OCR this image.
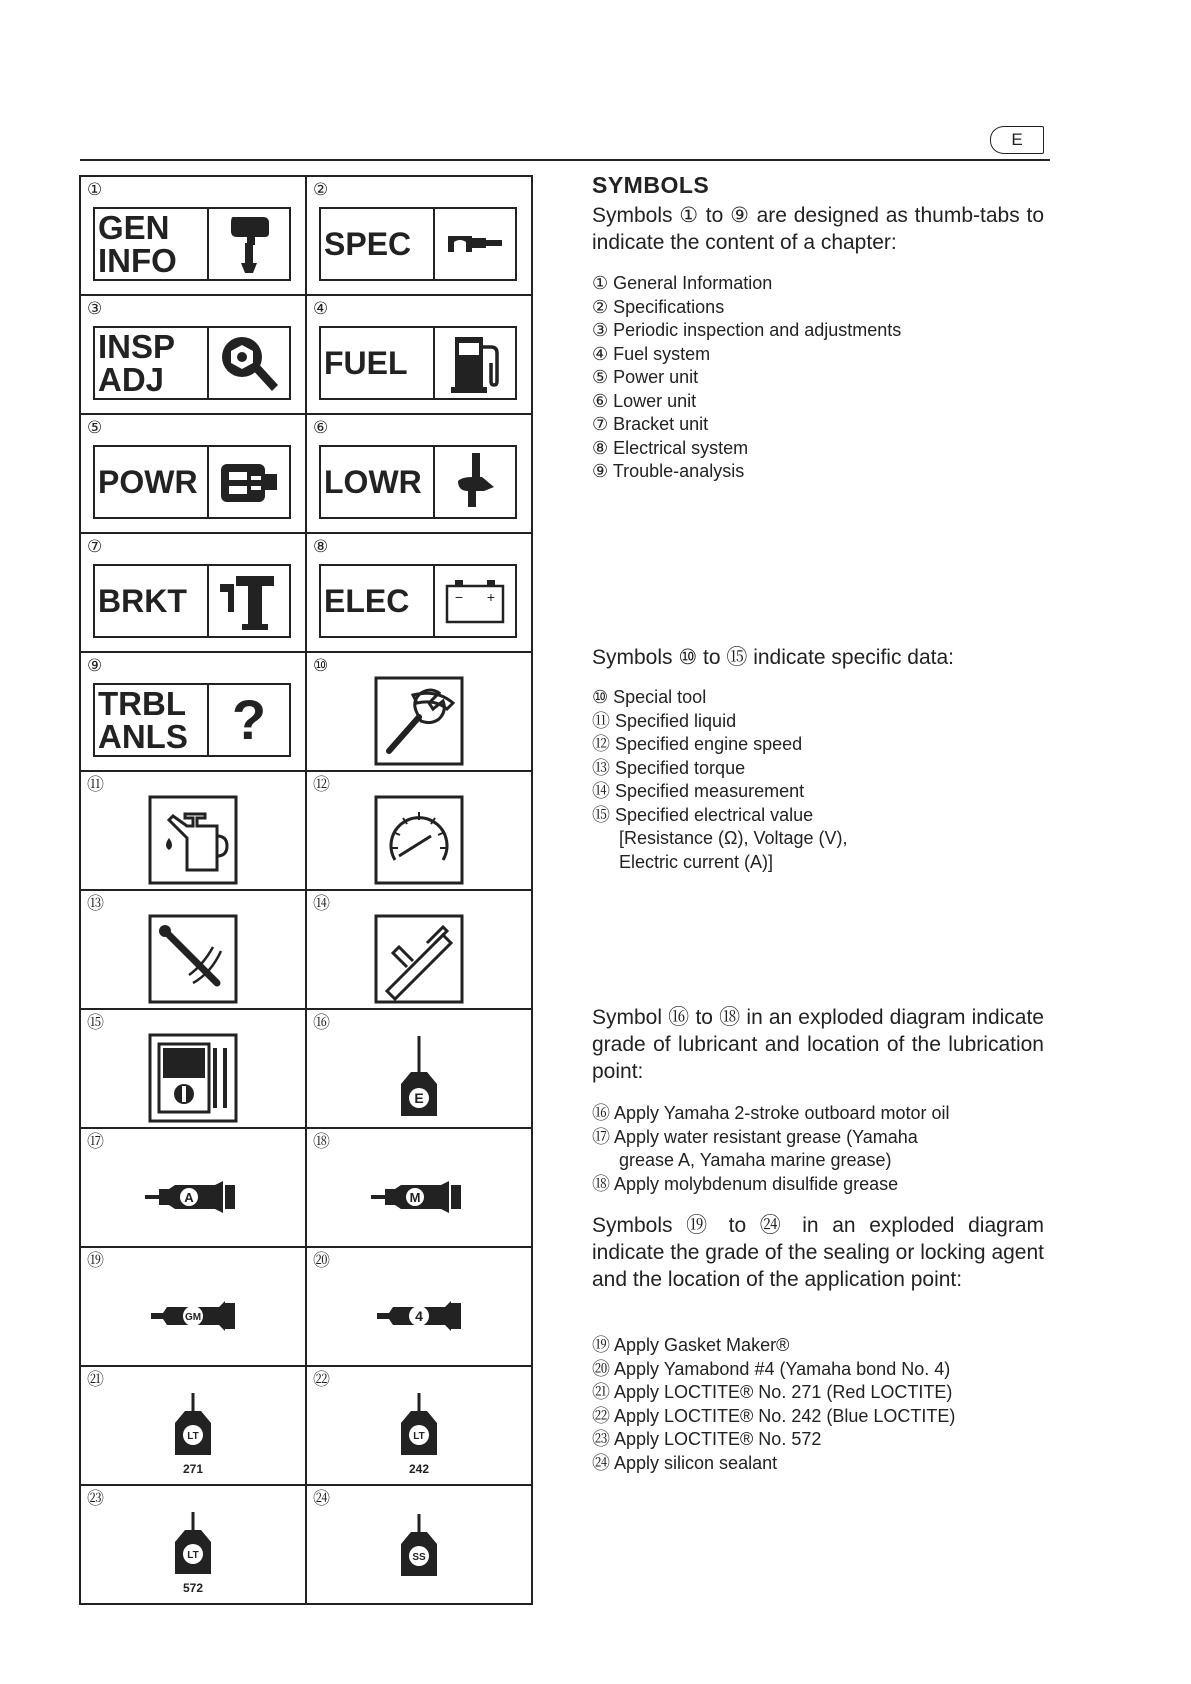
E
①
GEN
INFO
②
SPEC
③
INSP
ADJ
④
FUEL
⑤
POWR
⑥
LOWR
⑦
BRKT
⑧
ELEC	− +
⑨
TRBL
ANLS ?
⑩
⑪	⑫
⑬	⑭
⑮	⑯
E
⑰
A
⑱
M
⑲
GM
⑳
4
㉑
LT
271
㉒
LT
242
㉓
LT
572
㉔
SS
SYMBOLS
Symbols ① to ⑨ are designed as thumb-tabs to indicate the content of a chapter:
① General Information
② Specifications
③ Periodic inspection and adjustments
④ Fuel system
⑤ Power unit
⑥ Lower unit
⑦ Bracket unit
⑧ Electrical system
⑨ Trouble-analysis
Symbols ⑩ to ⑮ indicate specific data:
⑩ Special tool
⑪ Specified liquid
⑫ Specified engine speed
⑬ Specified torque
⑭ Specified measurement
⑮ Specified electrical value
[Resistance (Ω), Voltage (V),
Electric current (A)]
Symbol ⑯ to ⑱ in an exploded diagram indicate grade of lubricant and location of the lubrication point:
⑯ Apply Yamaha 2-stroke outboard motor oil
⑰ Apply water resistant grease (Yamaha
grease A, Yamaha marine grease)
⑱ Apply molybdenum disulfide grease
Symbols ⑲ to ㉔ in an exploded diagram indicate the grade of the sealing or locking agent and the location of the application point:
⑲ Apply Gasket Maker®
⑳ Apply Yamabond #4 (Yamaha bond No. 4)
㉑ Apply LOCTITE® No. 271 (Red LOCTITE)
㉒ Apply LOCTITE® No. 242 (Blue LOCTITE)
㉓ Apply LOCTITE® No. 572
㉔ Apply silicon sealant
